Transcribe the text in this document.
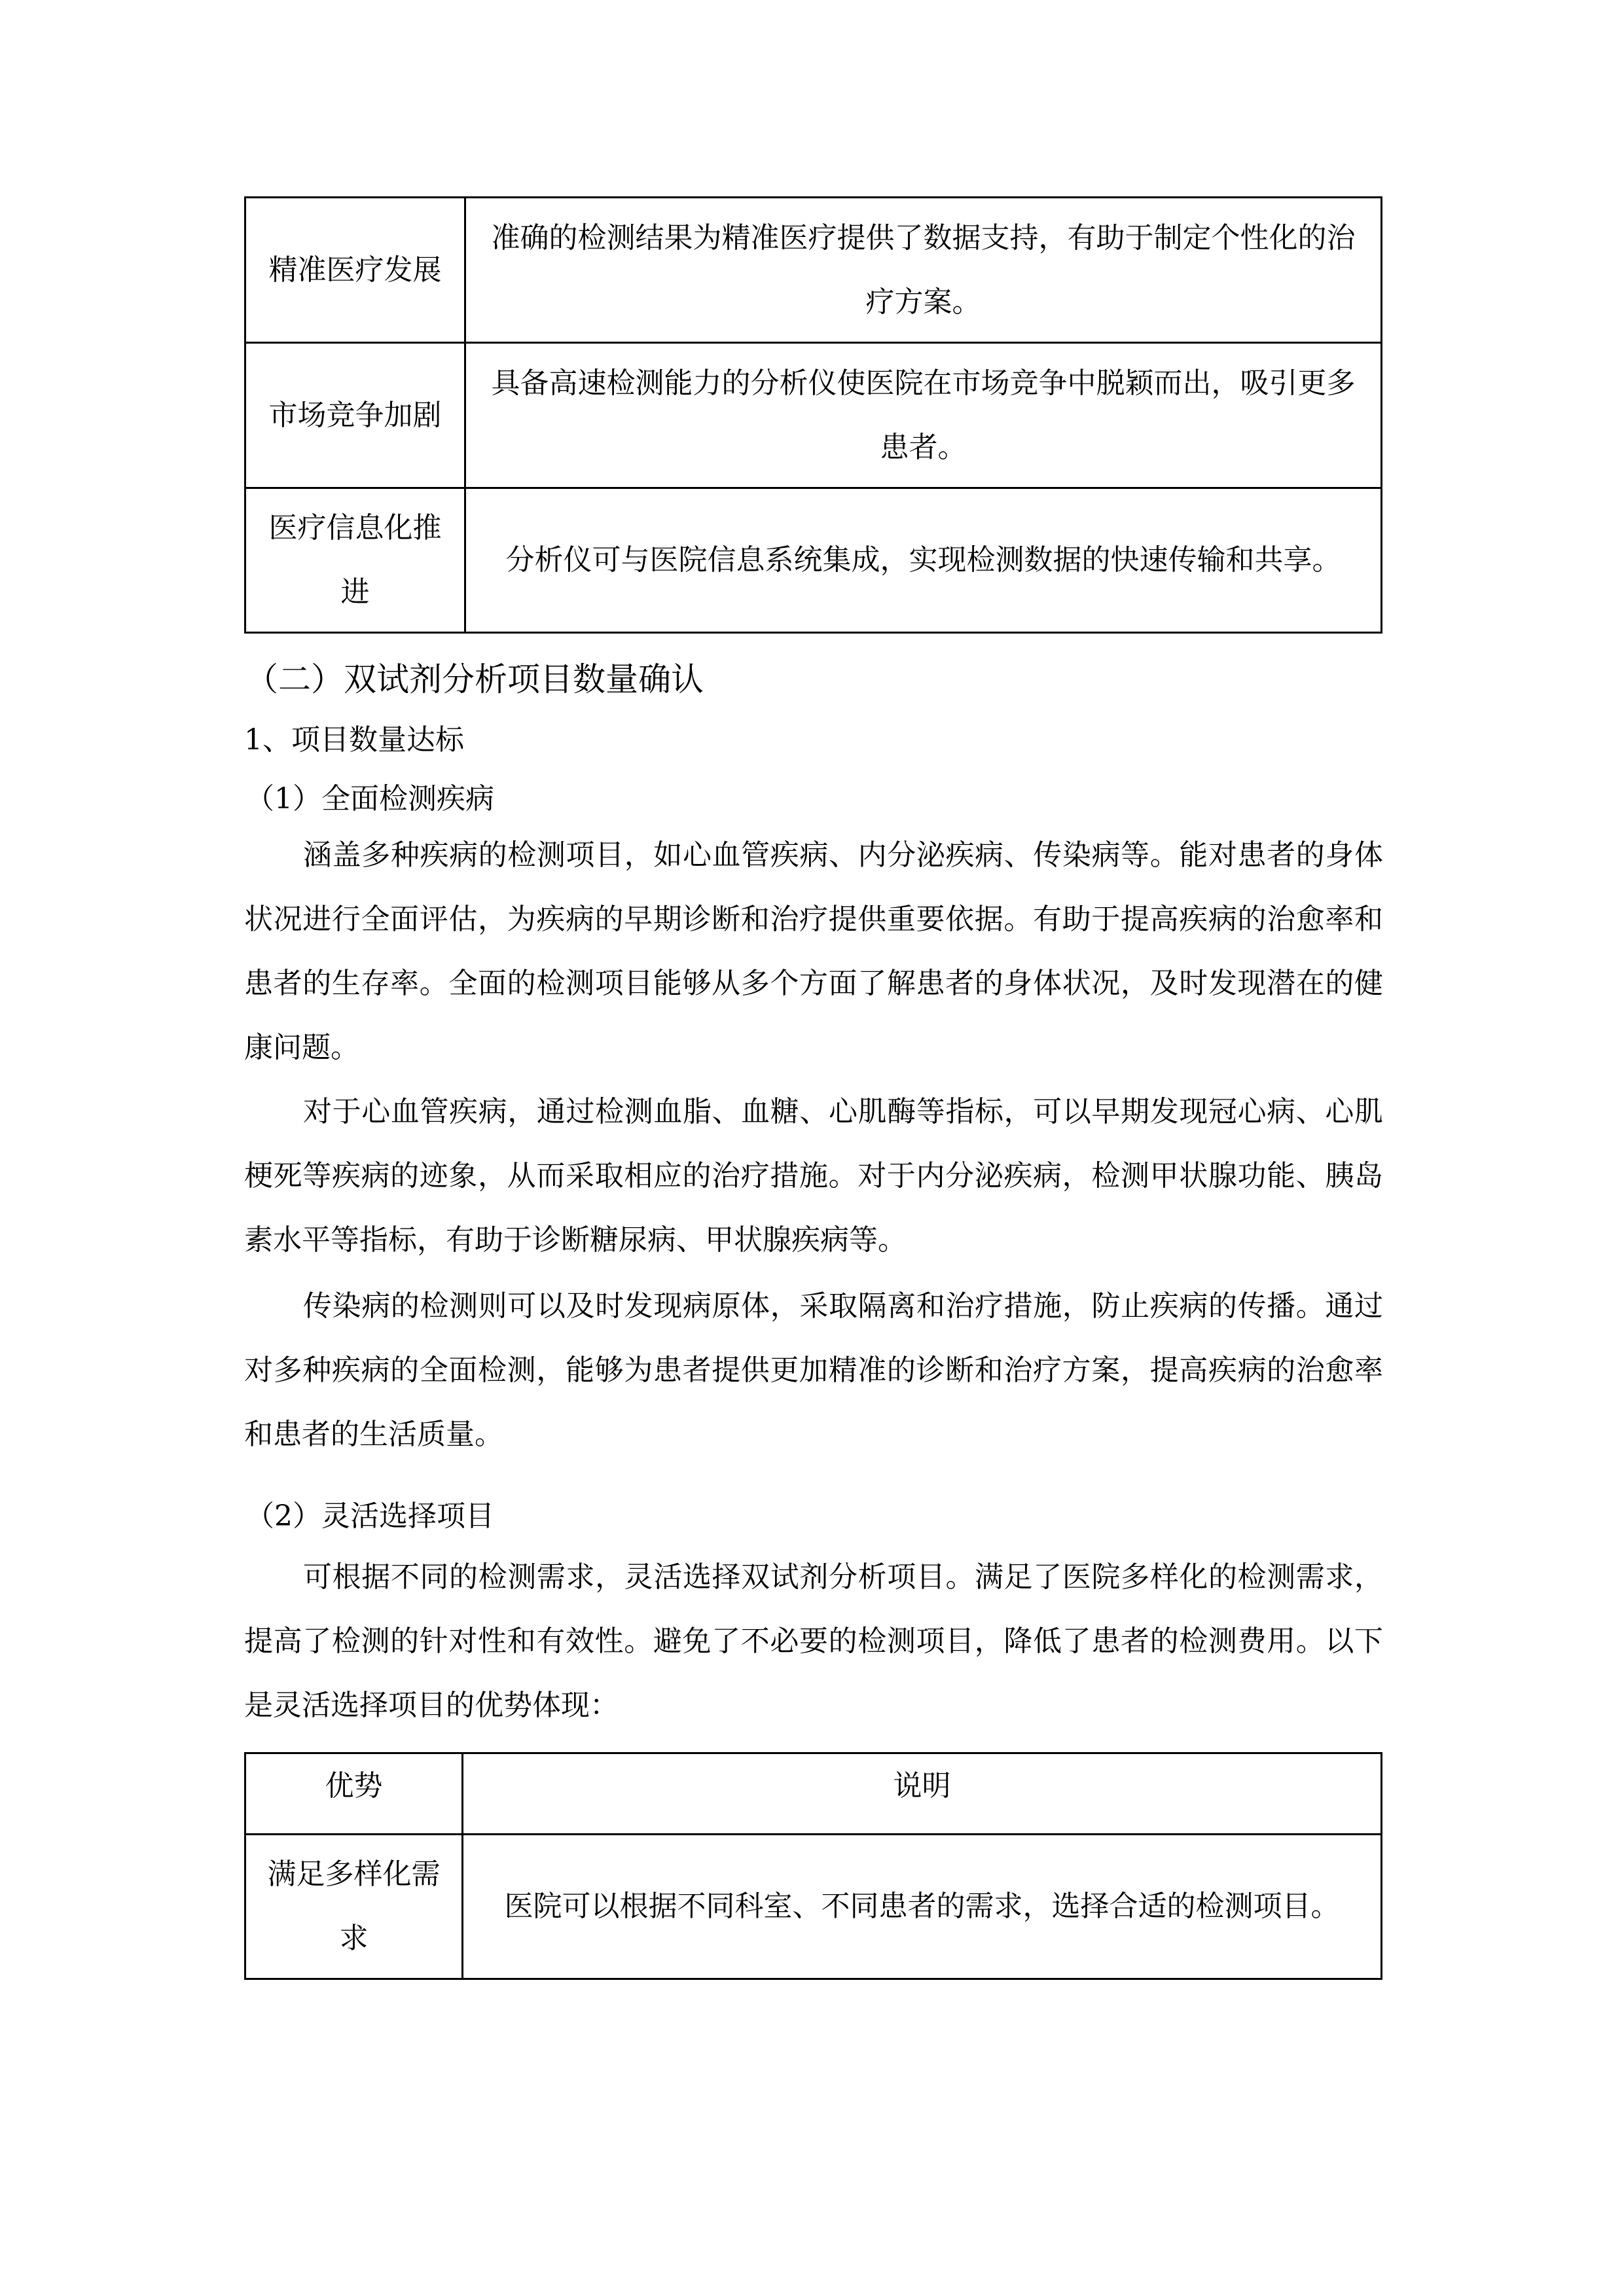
精准医疗发展	准确的检测结果为精准医疗提供了数据支持，有助于制定个性化的治疗方案。
市场竞争加剧	具备高速检测能力的分析仪使医院在市场竞争中脱颖而出，吸引更多患者。
医疗信息化推进	分析仪可与医院信息系统集成，实现检测数据的快速传输和共享。
（二）双试剂分析项目数量确认
1、项目数量达标
（1）全面检测疾病

涵盖多种疾病的检测项目，如心血管疾病、内分泌疾病、传染病等。能对患者的身体状况进行全面评估，为疾病的早期诊断和治疗提供重要依据。有助于提高疾病的治愈率和患者的生存率。全面的检测项目能够从多个方面了解患者的身体状况，及时发现潜在的健康问题。

对于心血管疾病，通过检测血脂、血糖、心肌酶等指标，可以早期发现冠心病、心肌梗死等疾病的迹象，从而采取相应的治疗措施。对于内分泌疾病，检测甲状腺功能、胰岛素水平等指标，有助于诊断糖尿病、甲状腺疾病等。

传染病的检测则可以及时发现病原体，采取隔离和治疗措施，防止疾病的传播。通过对多种疾病的全面检测，能够为患者提供更加精准的诊断和治疗方案，提高疾病的治愈率和患者的生活质量。

（2）灵活选择项目

可根据不同的检测需求，灵活选择双试剂分析项目。满足了医院多样化的检测需求，提高了检测的针对性和有效性。避免了不必要的检测项目，降低了患者的检测费用。以下是灵活选择项目的优势体现：

优势	说明
满足多样化需求	医院可以根据不同科室、不同患者的需求，选择合适的检测项目。
